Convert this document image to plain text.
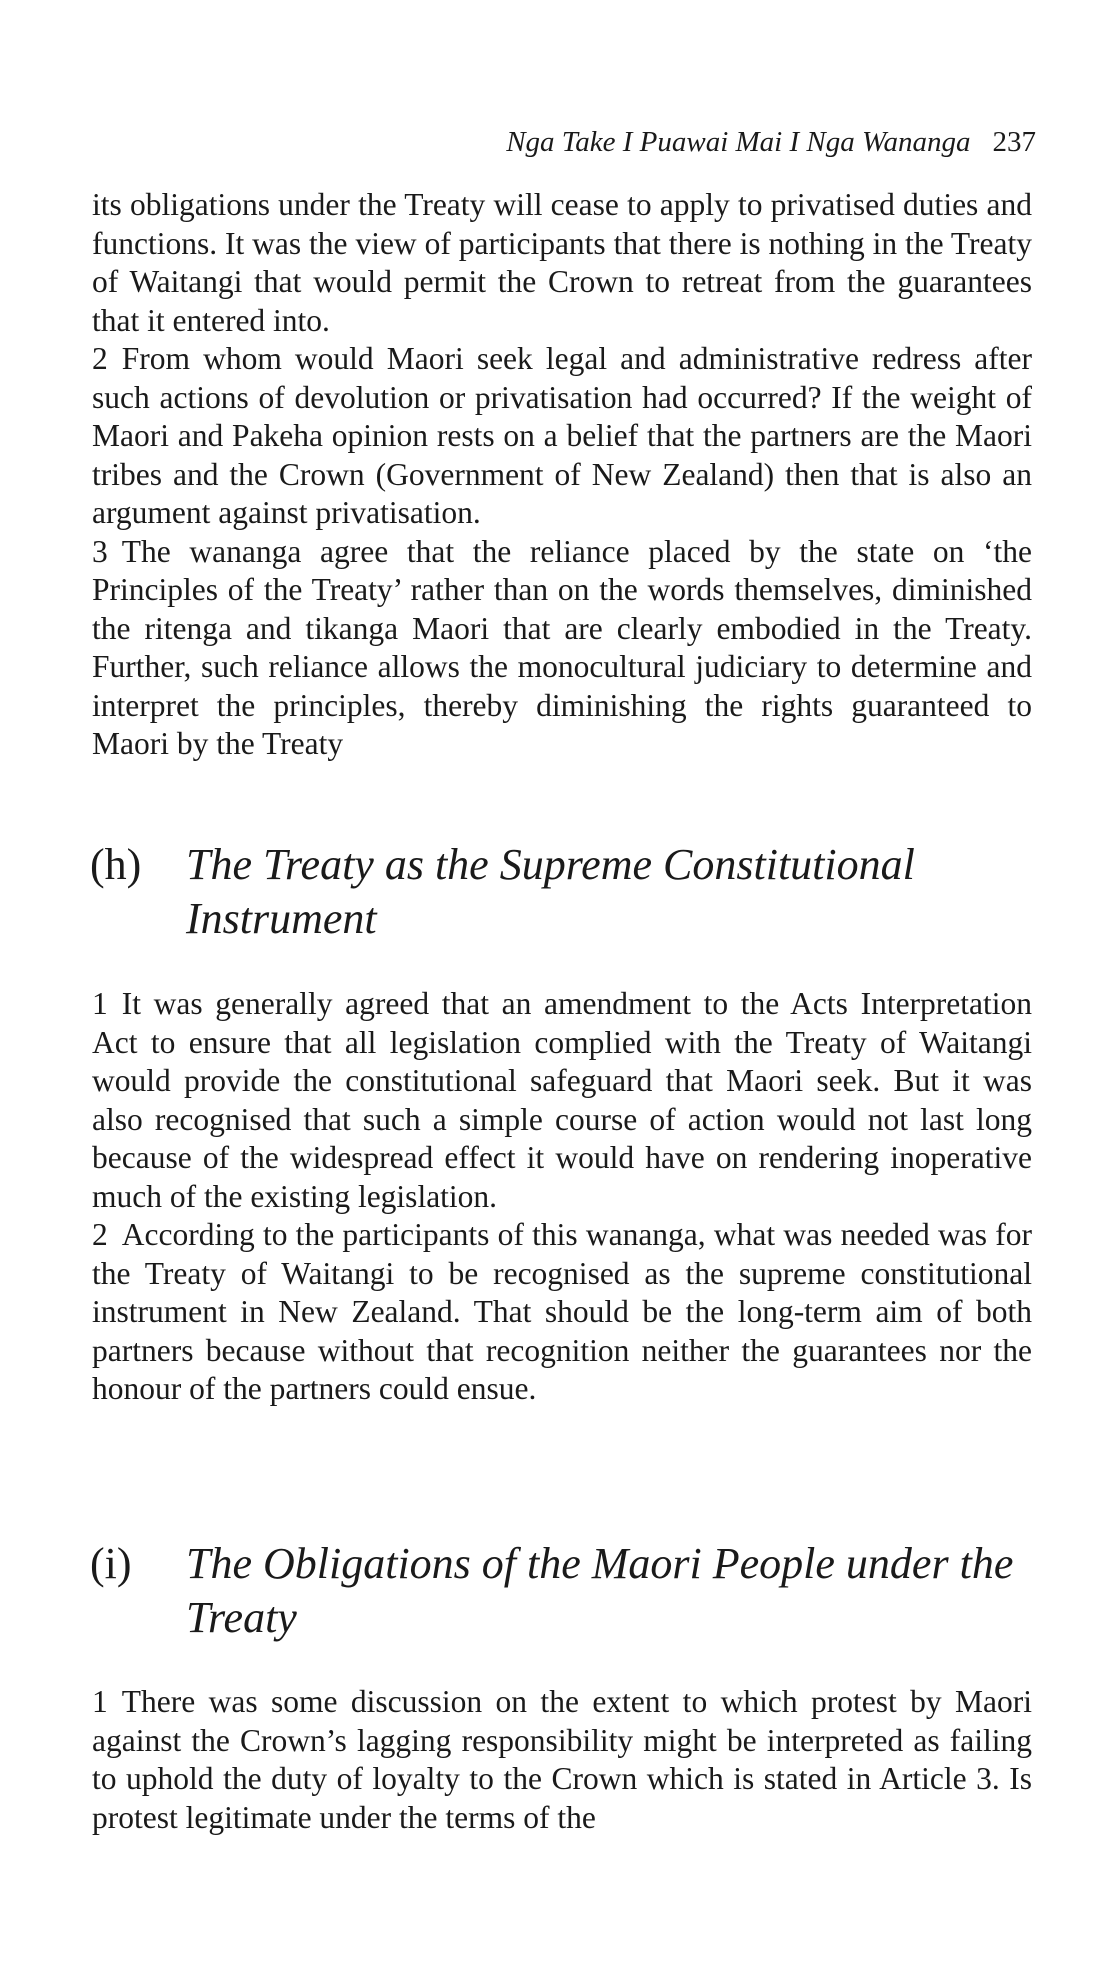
Nga Take I Puawai Mai I Nga Wananga 237

its obligations under the Treaty will cease to apply to privatised duties and functions. It was the view of participants that there is nothing in the Treaty of Waitangi that would permit the Crown to retreat from the guarantees that it entered into.

2 From whom would Maori seek legal and administrative redress after such actions of devolution or privatisation had occurred? If the weight of Maori and Pakeha opinion rests on a belief that the partners are the Maori tribes and the Crown (Government of New Zealand) then that is also an argument against privatisation.

3 The wananga agree that the reliance placed by the state on ‘the Principles of the Treaty’ rather than on the words themselves, diminished the ritenga and tikanga Maori that are clearly embodied in the Treaty. Further, such reliance allows the monocultural judiciary to determine and interpret the principles, thereby diminishing the rights guaranteed to Maori by the Treaty

(h) The Treaty as the Supreme Constitutional Instrument

1 It was generally agreed that an amendment to the Acts Interpretation Act to ensure that all legislation complied with the Treaty of Waitangi would provide the constitutional safeguard that Maori seek. But it was also recognised that such a simple course of action would not last long because of the widespread effect it would have on rendering inoperative much of the existing legislation.

2 According to the participants of this wananga, what was needed was for the Treaty of Waitangi to be recognised as the supreme constitutional instrument in New Zealand. That should be the long-term aim of both partners because without that recognition neither the guarantees nor the honour of the partners could ensue.

(i) The Obligations of the Maori People under the Treaty

1 There was some discussion on the extent to which protest by Maori against the Crown’s lagging responsibility might be interpreted as failing to uphold the duty of loyalty to the Crown which is stated in Article 3. Is protest legitimate under the terms of the
